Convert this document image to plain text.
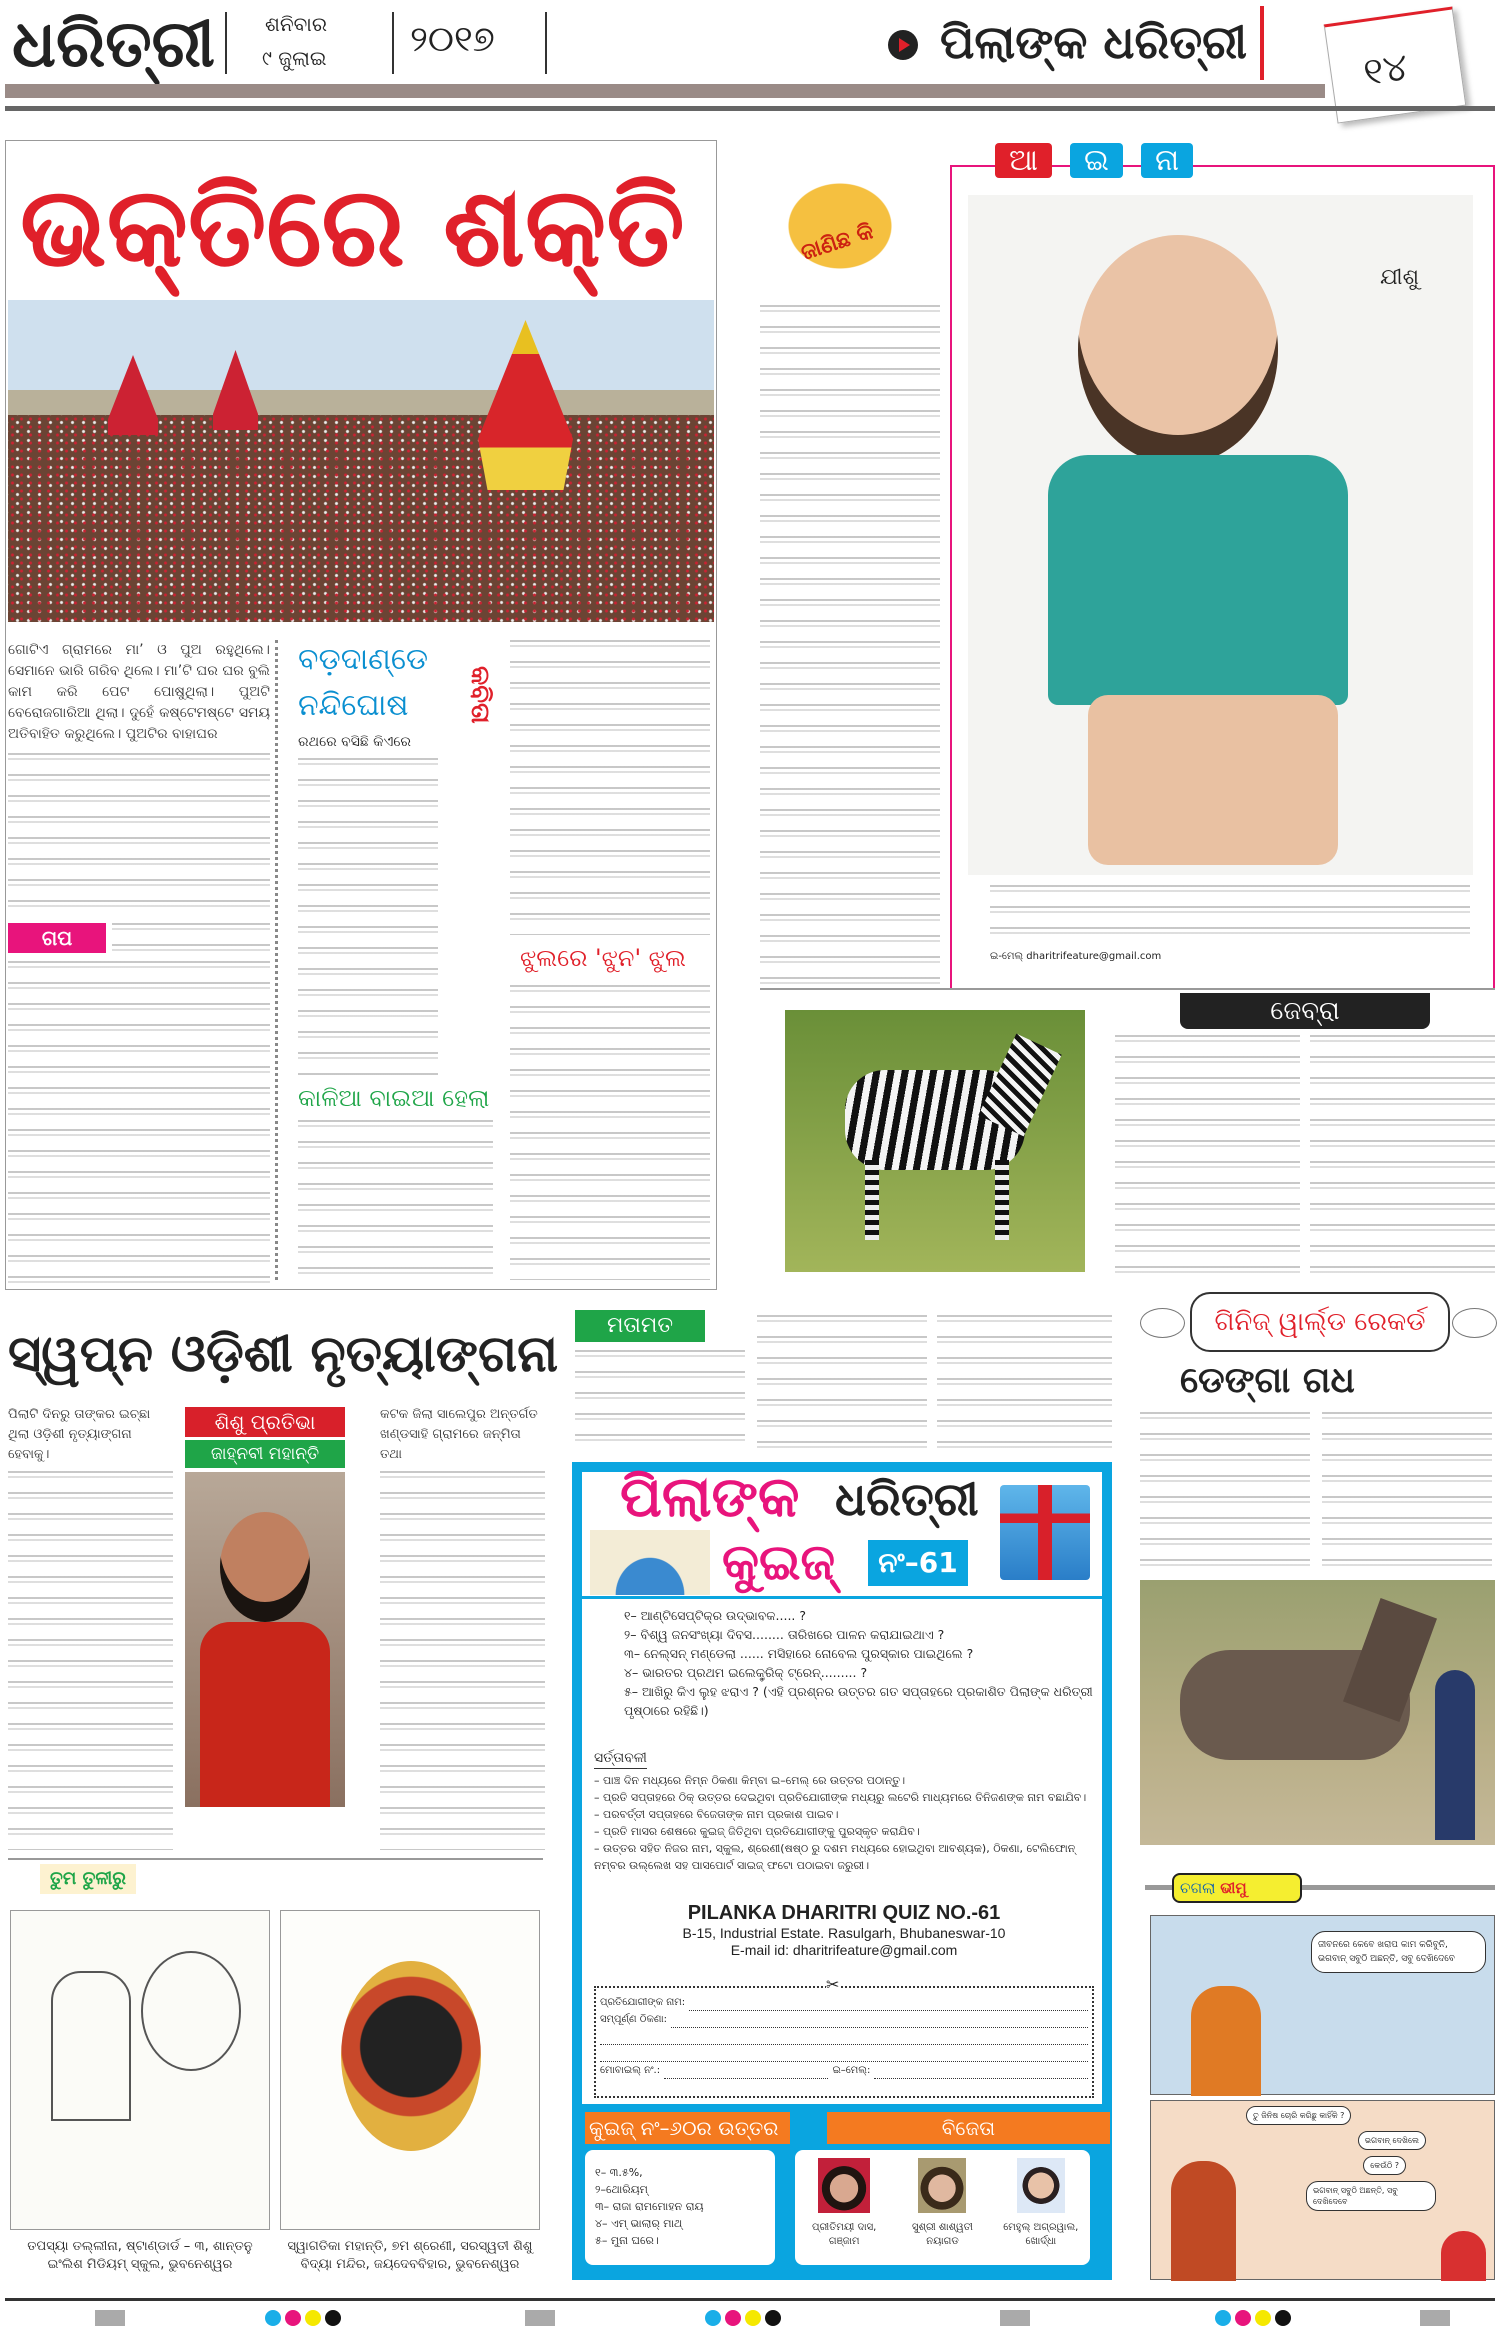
ଧରିତ୍ରୀ ଶନିବାର
୯ ଜୁଲାଇ ୨୦୧୭	ପିଲାଙ୍କ ଧରିତ୍ରୀ
୧୪
ଭକ୍ତିରେ ଶକ୍ତି
ଗୋଟିଏ ଗ୍ରାମରେ ମା’ ଓ ପୁଅ ରହୁଥିଲେ। ସେମାନେ ଭାରି ଗରିବ ଥିଲେ। ମା’ଟି ଘର ଘର ବୁଲି କାମ କରି ପେଟ ପୋଷୁଥିଲା। ପୁଅଟି ବେରୋଜଗାରିଆ ଥିଲା। ଦୁହେଁ କଷ୍ଟେମଷ୍ଟେ ସମୟ ଅତିବାହିତ କରୁଥିଲେ। ପୁଅଟିର ବାହାଘର
ଗପ
କବିତା
ବଡ଼ଦାଣ୍ଡେ
ନନ୍ଦିଘୋଷ
ରଥରେ ବସିଛି କିଏରେ
କାଳିଆ ବାଇଆ ହେଲା
ଝୁଲରେ 'ଝୁନ' ଝୁଲ
ଜାଣିଛ କି
ଆ	ଇ	ନା
ଯୀଶୁ
ଇ-ମେଲ୍ dharitrifeature@gmail.com
ଜେବ୍ରା
ସ୍ୱପ୍ନ ଓଡ଼ିଶୀ ନୃତ୍ୟାଙ୍ଗନା
ପିଲାଟି ଦିନରୁ ତାଙ୍କର ଇଚ୍ଛା ଥିଲା ଓଡ଼ିଶୀ ନୃତ୍ୟାଙ୍ଗନା ହେବାକୁ।
ଶିଶୁ ପ୍ରତିଭା
ଜାହ୍ନବୀ ମହାନ୍ତି
କଟକ ଜିଲା ସାଲେପୁର ଅନ୍ତର୍ଗତ ଖଣ୍ଡସାହି ଗ୍ରାମରେ ଜନ୍ମିତା ତଥା
ତୁମ ତୁଳୀରୁ
ତପସ୍ୟା ତଲ୍ଲୀନା, ଷ୍ଟାଣ୍ଡାର୍ଡ – ୩, ଶାନ୍ତନୁ ଇଂଲିଶ ମିଡିୟମ୍ ସ୍କୁଲ, ଭୁବନେଶ୍ୱର
ସ୍ୱାଗତିକା ମହାନ୍ତି, ୭ମ ଶ୍ରେଣୀ, ସରସ୍ୱତୀ ଶିଶୁ ବିଦ୍ୟା ମନ୍ଦିର, ଜୟଦେବବିହାର, ଭୁବନେଶ୍ୱର
ମତାମତ
ପିଲାଙ୍କ ଧରିତ୍ରୀ
କୁଇଜ୍	ନଂ–61
୧– ଆଣ୍ଟିସେପ୍ଟିକ୍‌ର ଉଦ୍ଭାବକ..... ?
୨– ବିଶ୍ୱ ଜନସଂଖ୍ୟା ଦିବସ........ ତାରିଖରେ ପାଳନ କରାଯାଇଥାଏ ?
୩– ନେଲ୍‌ସନ୍ ମଣ୍ଡେଲା ...... ମସିହାରେ ନୋବେଲ ପୁରସ୍କାର ପାଇଥିଲେ ?
୪– ଭାରତର ପ୍ରଥମ ଇଲେକ୍ଟ୍ରିକ୍ ଟ୍ରେନ୍......... ?
୫– ଆଖିରୁ କିଏ ଲୁହ ଝରାଏ ? (ଏହି ପ୍ରଶ୍ନର ଉତ୍ତର ଗତ ସପ୍ତାହରେ ପ୍ରକାଶିତ ପିଲାଙ୍କ ଧରିତ୍ରୀ ପୃଷ୍ଠାରେ ରହିଛି।)
ସର୍ତ୍ତାବଳୀ
– ପାଞ୍ଚ ଦିନ ମଧ୍ୟରେ ନିମ୍ନ ଠିକଣା କିମ୍ବା ଇ–ମେଲ୍ ରେ ଉତ୍ତର ପଠାନ୍ତୁ।
– ପ୍ରତି ସପ୍ତାହରେ ଠିକ୍ ଉତ୍ତର ଦେଇଥିବା ପ୍ରତିଯୋଗୀଙ୍କ ମଧ୍ୟରୁ ଲଟେରି ମାଧ୍ୟମରେ ତିନିଜଣଙ୍କ ନାମ ବଛାଯିବ।
– ପରବର୍ତ୍ତୀ ସପ୍ତାହରେ ବିଜେତାଙ୍କ ନାମ ପ୍ରକାଶ ପାଇବ।
– ପ୍ରତି ମାସର ଶେଷରେ କୁଇଜ୍ ଜିତିଥିବା ପ୍ରତିଯୋଗୀଙ୍କୁ ପୁରସ୍କୃତ କରାଯିବ।
– ଉତ୍ତର ସହିତ ନିଜର ନାମ, ସ୍କୁଲ, ଶ୍ରେଣୀ(ଷଷ୍ଠ ରୁ ଦଶମ ମଧ୍ୟରେ ହୋଇଥିବା ଆବଶ୍ୟକ), ଠିକଣା, ଟେଲିଫୋନ୍ ନମ୍ବର ଉଲ୍ଲେଖ ସହ ପାସପୋର୍ଟ ସାଇଜ୍ ଫଟୋ ପଠାଇବା ଜରୁରୀ।
PILANKA DHARITRI QUIZ NO.-61
B-15, Industrial Estate. Rasulgarh, Bhubaneswar-10
E-mail id: dharitrifeature@gmail.com
✂
ପ୍ରତିଯୋଗୀଙ୍କ ନାମ:
ସମ୍ପୂର୍ଣ୍ଣ ଠିକଣା:
ମୋବାଇଲ୍ ନଂ.:	ଇ–ମେଲ୍:
କୁଇଜ୍ ନଂ–୬୦ର ଉତ୍ତର	ବିଜେତା
୧– ୩.୫%,
୨–ଥୋରିୟମ୍
୩– ରାଜା ରାମମୋହନ ରାୟ
୪– ଏମ୍ ଭାଲାର୍ ମାଥ୍
୫– ମୁନା ଘରେ।
ପ୍ରୀତିମୟୀ ଦାସ, ଗଞ୍ଜାମ
ସୁଶ୍ରୀ ଶାଶ୍ୱତୀ ନୟାଗଡ
ମେହୁଲ୍ ଅଗ୍ରୱାଲ, ଖୋର୍ଦ୍ଧା
ଗିନିଜ୍ ୱାର୍ଲ୍ଡ ରେକର୍ଡ
ଡେଙ୍ଗା ଗଧ
ଚଗଲା ଭୀମୁ
ଜୀବନରେ କେବେ ଖରାପ କାମ କରିବୁନି, ଭଗବାନ୍ ସବୁଠି ଅଛନ୍ତି, ସବୁ ଦେଖିଦେବେ
ତୁ ଜିନିଷ ଚୋରି କରିଛୁ କାହିଁକି ?
ଭଗବାନ୍ ଦେଖିଲେ
କେଉଁଠି ?
ଭଗବାନ୍ ସବୁଠି ଅଛନ୍ତି, ସବୁ ଦେଖିଦେବେ
